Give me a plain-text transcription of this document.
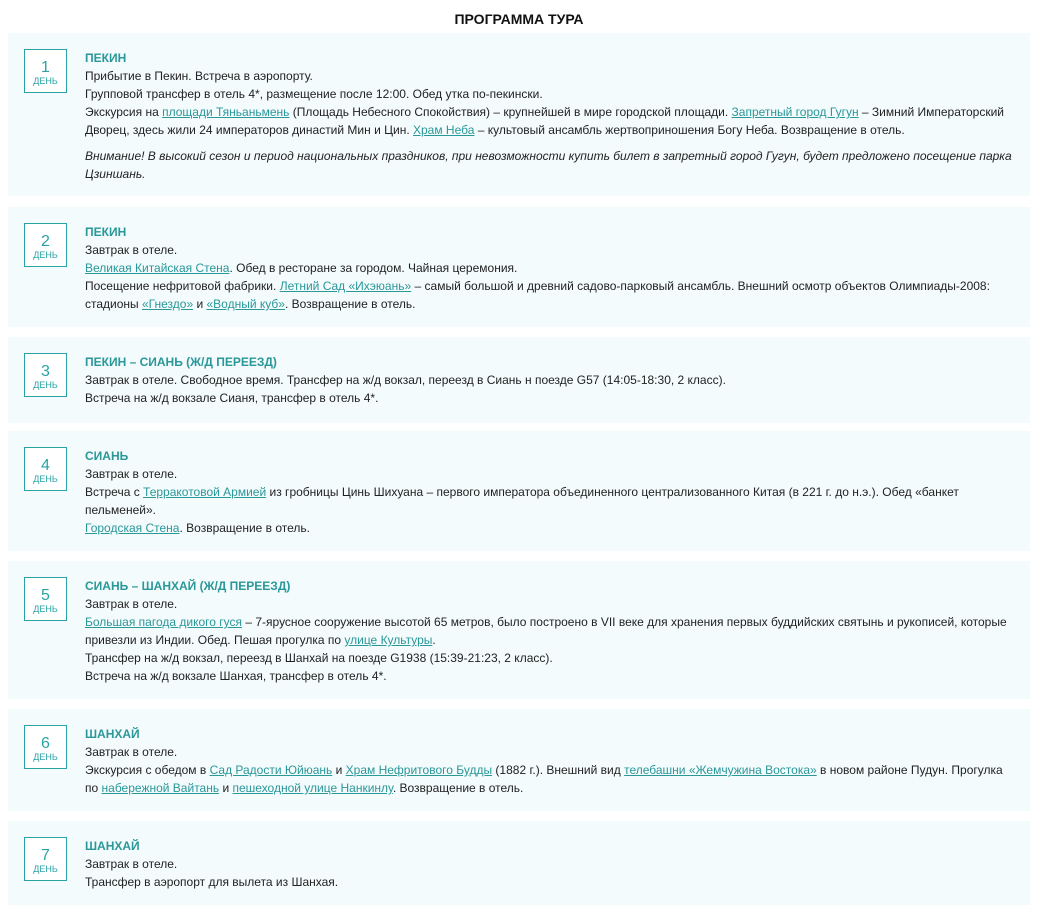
ПРОГРАММА ТУРА
1
ДЕНЬ
ПЕКИН
Прибытие в Пекин. Встреча в аэропорту.
Групповой трансфер в отель 4*, размещение после 12:00. Обед утка по-пекински.
Экскурсия на площади Тяньаньмень (Площадь Небесного Спокойствия) – крупнейшей в мире городской площади. Запретный город Гугун – Зимний Императорский Дворец, здесь жили 24 императоров династий Мин и Цин. Храм Неба – культовый ансамбль жертвоприношения Богу Неба. Возвращение в отель.
Внимание! В высокий сезон и период национальных праздников, при невозможности купить билет в запретный город Гугун, будет предложено посещение парка Цзиншань.
2
ДЕНЬ
ПЕКИН
Завтрак в отеле.
Великая Китайская Стена. Обед в ресторане за городом. Чайная церемония.
Посещение нефритовой фабрики. Летний Сад «Ихэюань» – самый большой и древний садово-парковый ансамбль. Внешний осмотр объектов Олимпиады-2008: стадионы «Гнездо» и «Водный куб». Возвращение в отель.
3
ДЕНЬ
ПЕКИН – СИАНЬ (Ж/Д ПЕРЕЕЗД)
Завтрак в отеле. Свободное время. Трансфер на ж/д вокзал, переезд в Сиань н поезде G57 (14:05-18:30, 2 класс).
Встреча на ж/д вокзале Сианя, трансфер в отель 4*.
4
ДЕНЬ
СИАНЬ
Завтрак в отеле.
Встреча с Терракотовой Армией из гробницы Цинь Шихуана – первого императора объединенного централизованного Китая (в 221 г. до н.э.). Обед «банкет пельменей».
Городская Стена. Возвращение в отель.
5
ДЕНЬ
СИАНЬ – ШАНХАЙ (Ж/Д ПЕРЕЕЗД)
Завтрак в отеле.
Большая пагода дикого гуся – 7-ярусное сооружение высотой 65 метров, было построено в VII веке для хранения первых буддийских святынь и рукописей, которые привезли из Индии. Обед. Пешая прогулка по улице Культуры.
Трансфер на ж/д вокзал, переезд в Шанхай на поезде G1938 (15:39-21:23, 2 класс).
Встреча на ж/д вокзале Шанхая, трансфер в отель 4*.
6
ДЕНЬ
ШАНХАЙ
Завтрак в отеле.
Экскурсия с обедом в Сад Радости Юйюань и Храм Нефритового Будды (1882 г.). Внешний вид телебашни «Жемчужина Востока» в новом районе Пудун. Прогулка по набережной Вайтань и пешеходной улице Нанкинлу. Возвращение в отель.
7
ДЕНЬ
ШАНХАЙ
Завтрак в отеле.
Трансфер в аэропорт для вылета из Шанхая.
